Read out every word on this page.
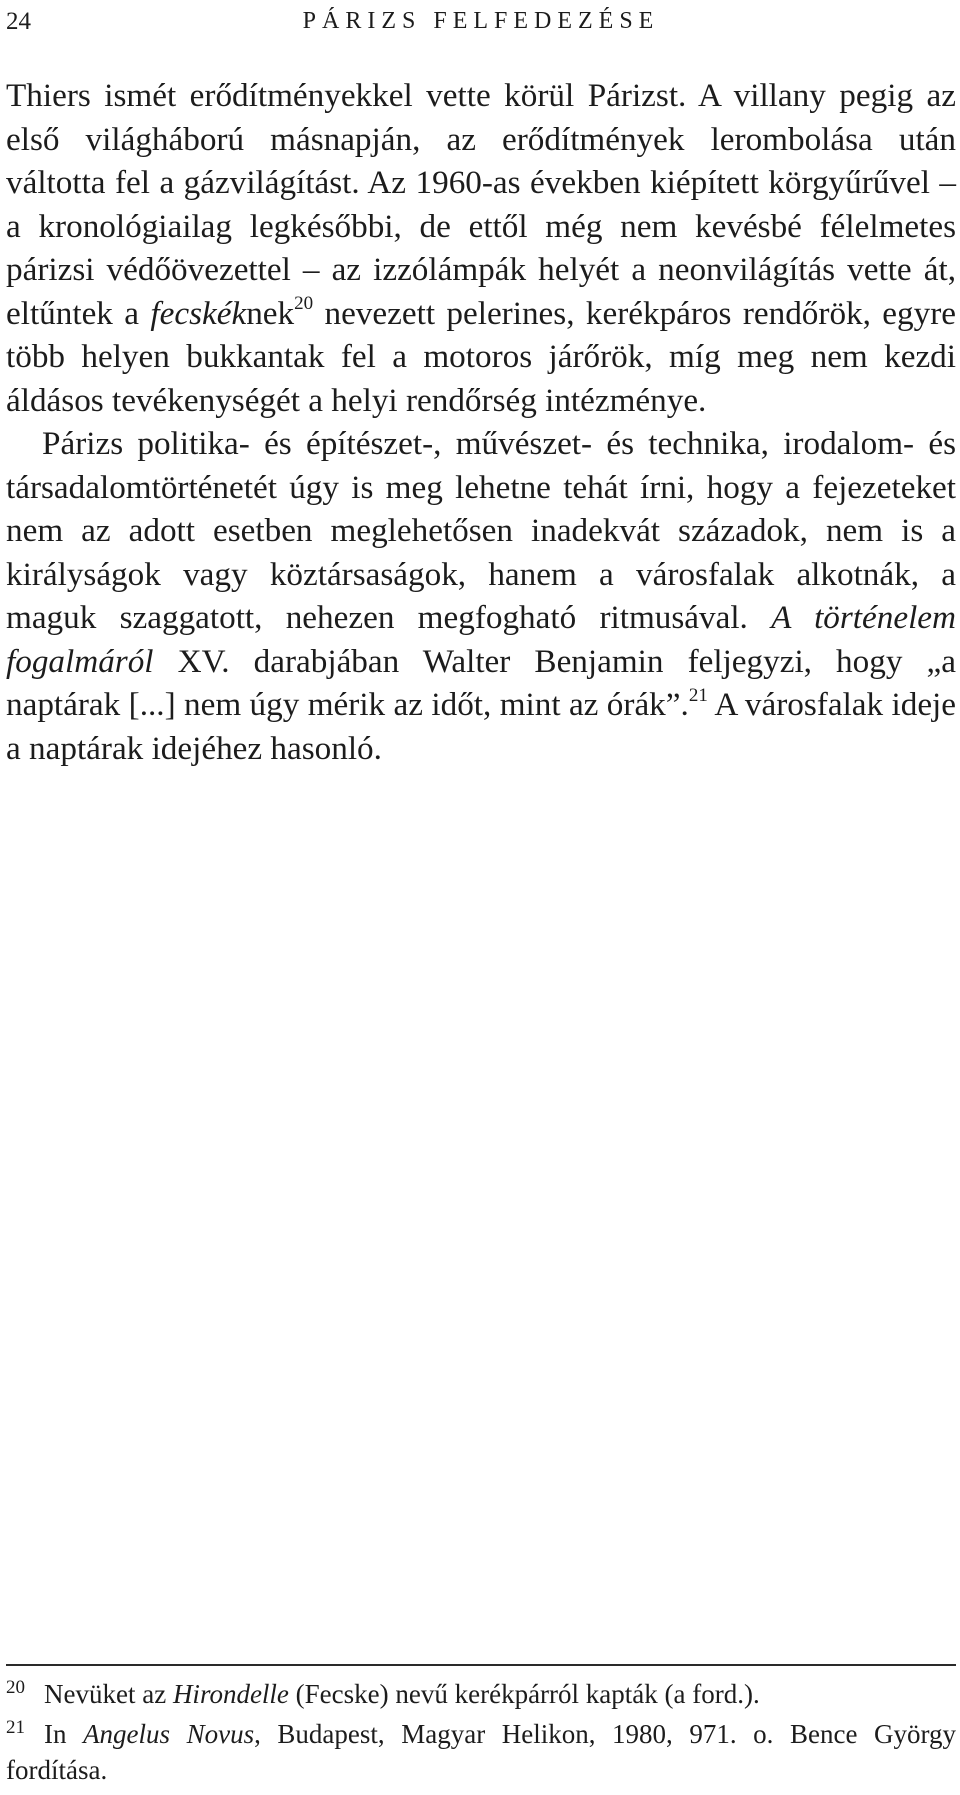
24	PÁRIZS FELFEDEZÉSE

Thiers ismét erődítményekkel vette körül Párizst. A villany pegig az első világháború másnapján, az erődítmények lerombolása után váltotta fel a gázvilágítást. Az 1960-as években kiépített körgyűrűvel – a kronológiailag legkésőbbi, de ettől még nem kevésbé félelmetes párizsi védőövezettel – az izzólámpák helyét a neonvilágítás vette át, eltűntek a fecskéknek$^{20}$ nevezett pelerines, kerékpáros rendőrök, egyre több helyen bukkantak fel a motoros járőrök, míg meg nem kezdi áldásos tevékenységét a helyi rendőrség intézménye.

Párizs politika- és építészet-, művészet- és technika, irodalom- és társadalomtörténetét úgy is meg lehetne tehát írni, hogy a fejezeteket nem az adott esetben meglehetősen inadekvát századok, nem is a királyságok vagy köztársaságok, hanem a városfalak alkotnák, a maguk szaggatott, nehezen megfogható ritmusával. A történelem fogalmáról XV. darabjában Walter Benjamin feljegyzi, hogy „a naptárak [...] nem úgy mérik az időt, mint az órák”.$^{21}$ A városfalak ideje a naptárak idejéhez hasonló.

20 Nevüket az Hirondelle (Fecske) nevű kerékpárról kapták (a ford.).

21 In Angelus Novus, Budapest, Magyar Helikon, 1980, 971. o. Bence György fordítása.
